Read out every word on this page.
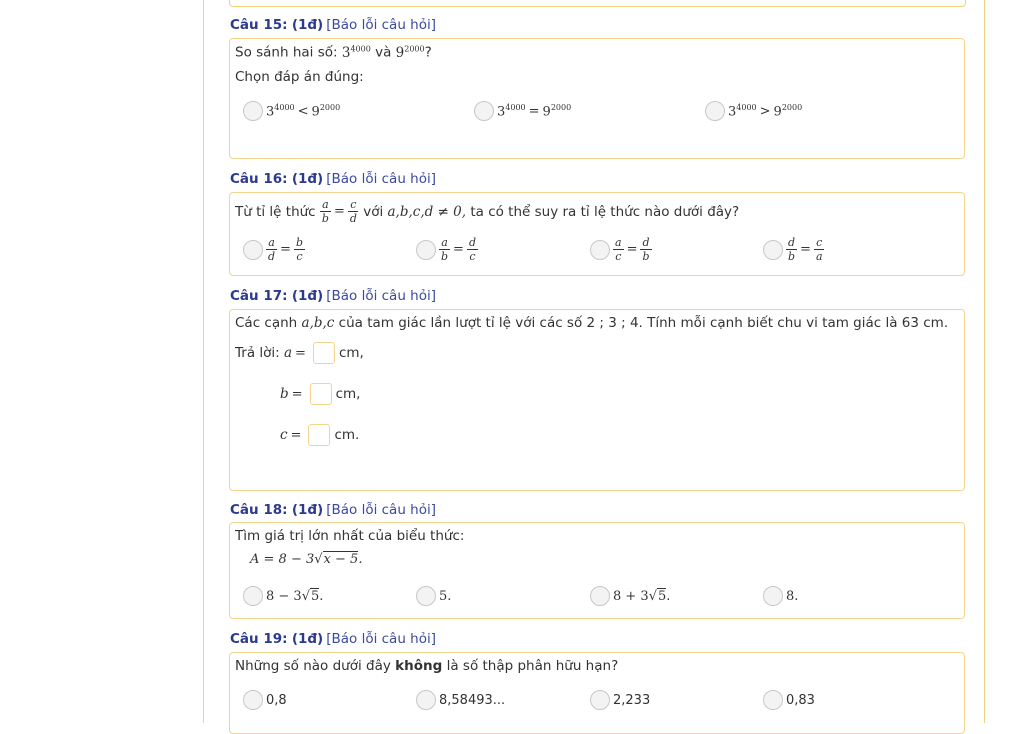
Câu 15: (1đ) [Báo lỗi câu hỏi]
So sánh hai số: $3^{4000}$ và $9^{2000}$?
Chọn đáp án đúng:
$3^{4000} < 9^{2000}$	$3^{4000} = 9^{2000}$	$3^{4000} > 9^{2000}$
Câu 16: (1đ) [Báo lỗi câu hỏi]
Từ tỉ lệ thức
$\frac{a}{b} = \frac{c}{d}$
với
a,b,c,d ≠ 0,
ta có thể suy ra tỉ lệ thức nào dưới đây?
$\frac{a}{d} = \frac{b}{c}$	$\frac{a}{b} = \frac{d}{c}$	$\frac{a}{c} = \frac{d}{b}$	$\frac{d}{b} = \frac{c}{a}$
Câu 17: (1đ) [Báo lỗi câu hỏi]
Các cạnh a,b,c của tam giác lần lượt tỉ lệ với các số 2 ; 3 ; 4. Tính mỗi cạnh biết chu vi tam giác là 63 cm.
Trả lời:
a = cm,
b = cm,
c = cm.
Câu 18: (1đ) [Báo lỗi câu hỏi]
Tìm giá trị lớn nhất của biểu thức:
A = 8 − 3√x − 5.
8 − 3 √ 5 .	5.	8 + 3 √ 5 .	8.
Câu 19: (1đ) [Báo lỗi câu hỏi]
Những số nào dưới đây không là số thập phân hữu hạn?
0,8	8,58493...	2,233	0,83
